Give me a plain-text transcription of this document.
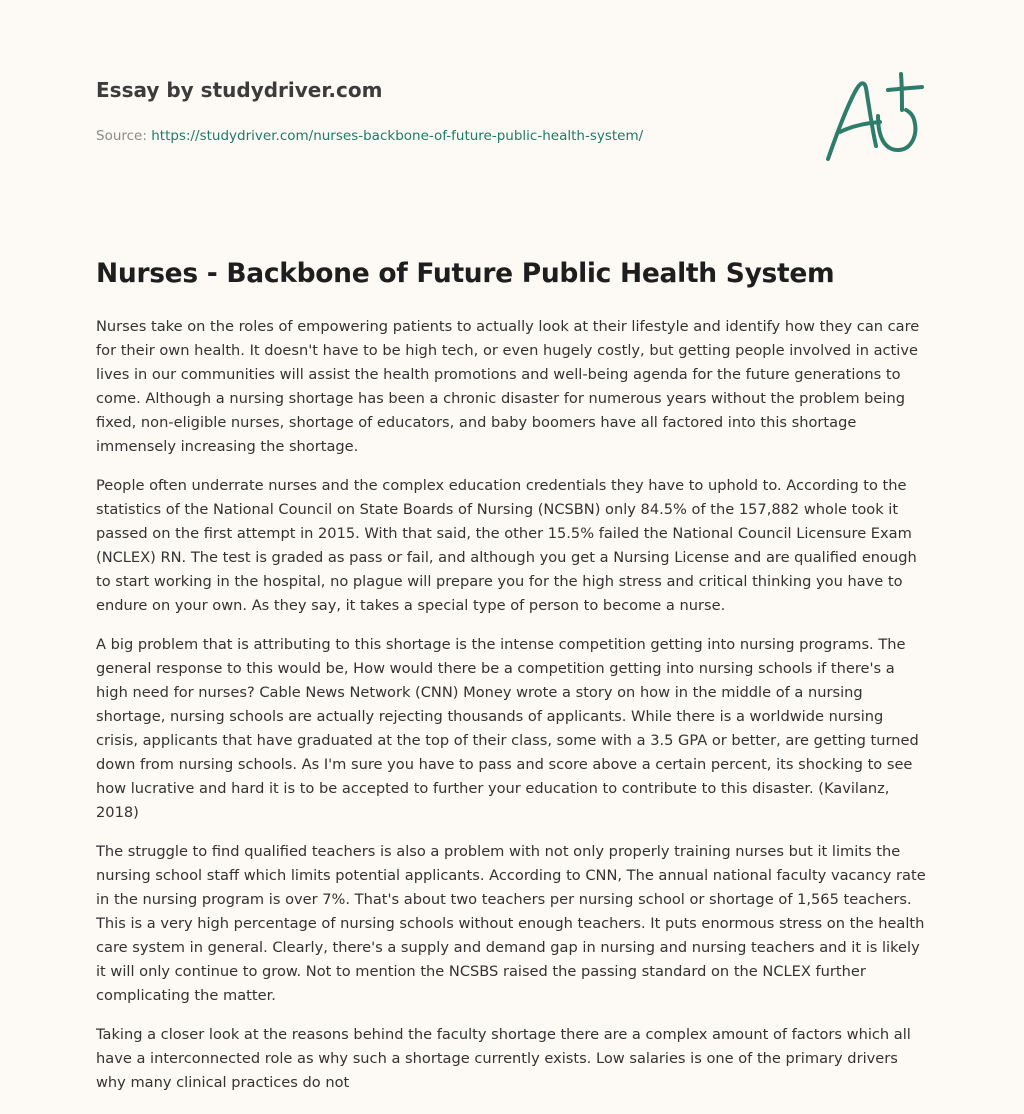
Essay by studydriver.com
Source: https://studydriver.com/nurses-backbone-of-future-public-health-system/
Nurses - Backbone of Future Public Health System

Nurses take on the roles of empowering patients to actually look at their lifestyle and identify how they can care for their own health. It doesn't have to be high tech, or even hugely costly, but getting people involved in active lives in our communities will assist the health promotions and well-being agenda for the future generations to come. Although a nursing shortage has been a chronic disaster for numerous years without the problem being fixed, non-eligible nurses, shortage of educators, and baby boomers have all factored into this shortage immensely increasing the shortage.

People often underrate nurses and the complex education credentials they have to uphold to. According to the statistics of the National Council on State Boards of Nursing (NCSBN) only 84.5% of the 157,882 whole took it passed on the first attempt in 2015. With that said, the other 15.5% failed the National Council Licensure Exam (NCLEX) RN. The test is graded as pass or fail, and although you get a Nursing License and are qualified enough to start working in the hospital, no plague will prepare you for the high stress and critical thinking you have to endure on your own. As they say, it takes a special type of person to become a nurse.

A big problem that is attributing to this shortage is the intense competition getting into nursing programs. The general response to this would be, How would there be a competition getting into nursing schools if there's a high need for nurses? Cable News Network (CNN) Money wrote a story on how in the middle of a nursing shortage, nursing schools are actually rejecting thousands of applicants. While there is a worldwide nursing crisis, applicants that have graduated at the top of their class, some with a 3.5 GPA or better, are getting turned down from nursing schools. As I'm sure you have to pass and score above a certain percent, its shocking to see how lucrative and hard it is to be accepted to further your education to contribute to this disaster. (Kavilanz, 2018)

The struggle to find qualified teachers is also a problem with not only properly training nurses but it limits the nursing school staff which limits potential applicants. According to CNN, The annual national faculty vacancy rate in the nursing program is over 7%. That's about two teachers per nursing school or shortage of 1,565 teachers. This is a very high percentage of nursing schools without enough teachers. It puts enormous stress on the health care system in general. Clearly, there's a supply and demand gap in nursing and nursing teachers and it is likely it will only continue to grow. Not to mention the NCSBS raised the passing standard on the NCLEX further complicating the matter.

Taking a closer look at the reasons behind the faculty shortage there are a complex amount of factors which all have a interconnected role as why such a shortage currently exists. Low salaries is one of the primary drivers why many clinical practices do not
